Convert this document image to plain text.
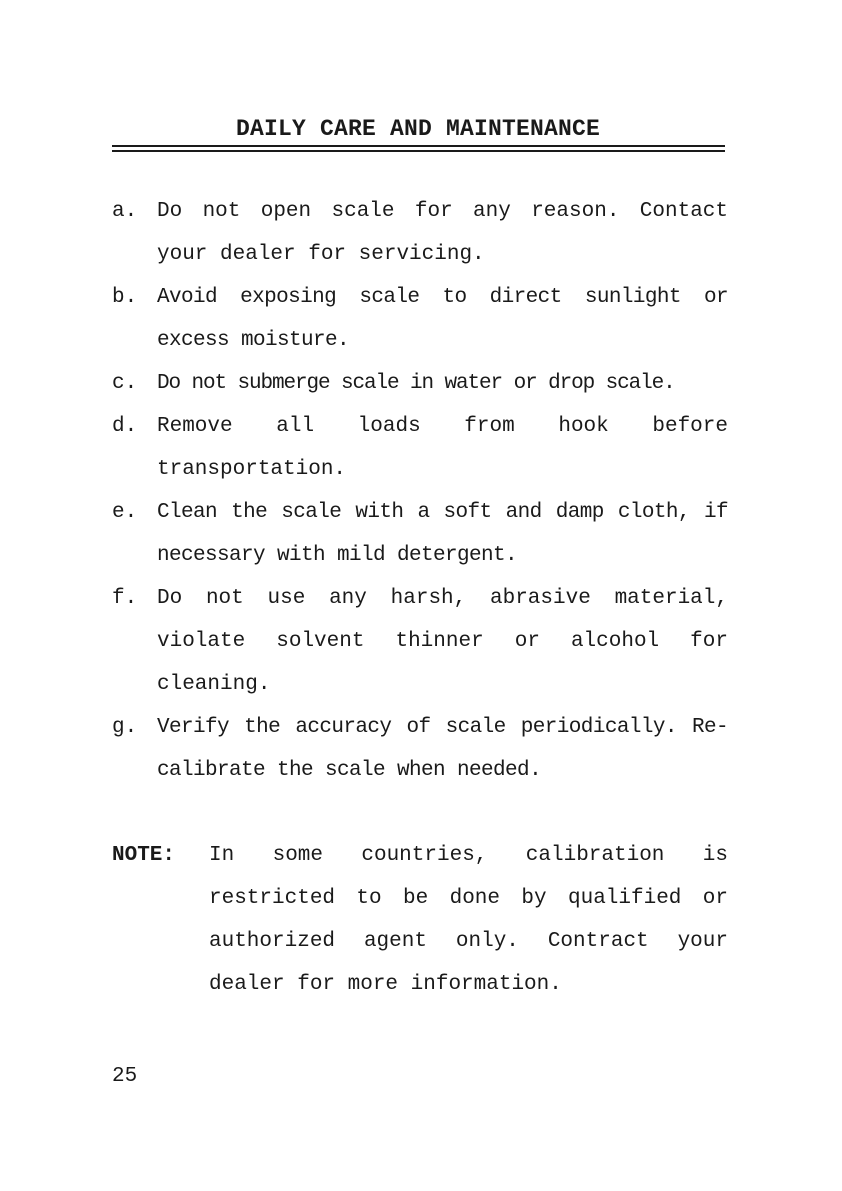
DAILY CARE AND MAINTENANCE
a. Do not open scale for any reason. Contact your dealer for servicing.
b. Avoid exposing scale to direct sunlight or excess moisture.
c. Do not submerge scale in water or drop scale.
d. Remove all loads from hook before transportation.
e. Clean the scale with a soft and damp cloth, if necessary with mild detergent.
f. Do not use any harsh, abrasive material, violate solvent thinner or alcohol for cleaning.
g. Verify the accuracy of scale periodically. Re-calibrate the scale when needed.
NOTE:	In some countries, calibration is restricted to be done by qualified or authorized agent only. Contract your dealer for more information.
25
